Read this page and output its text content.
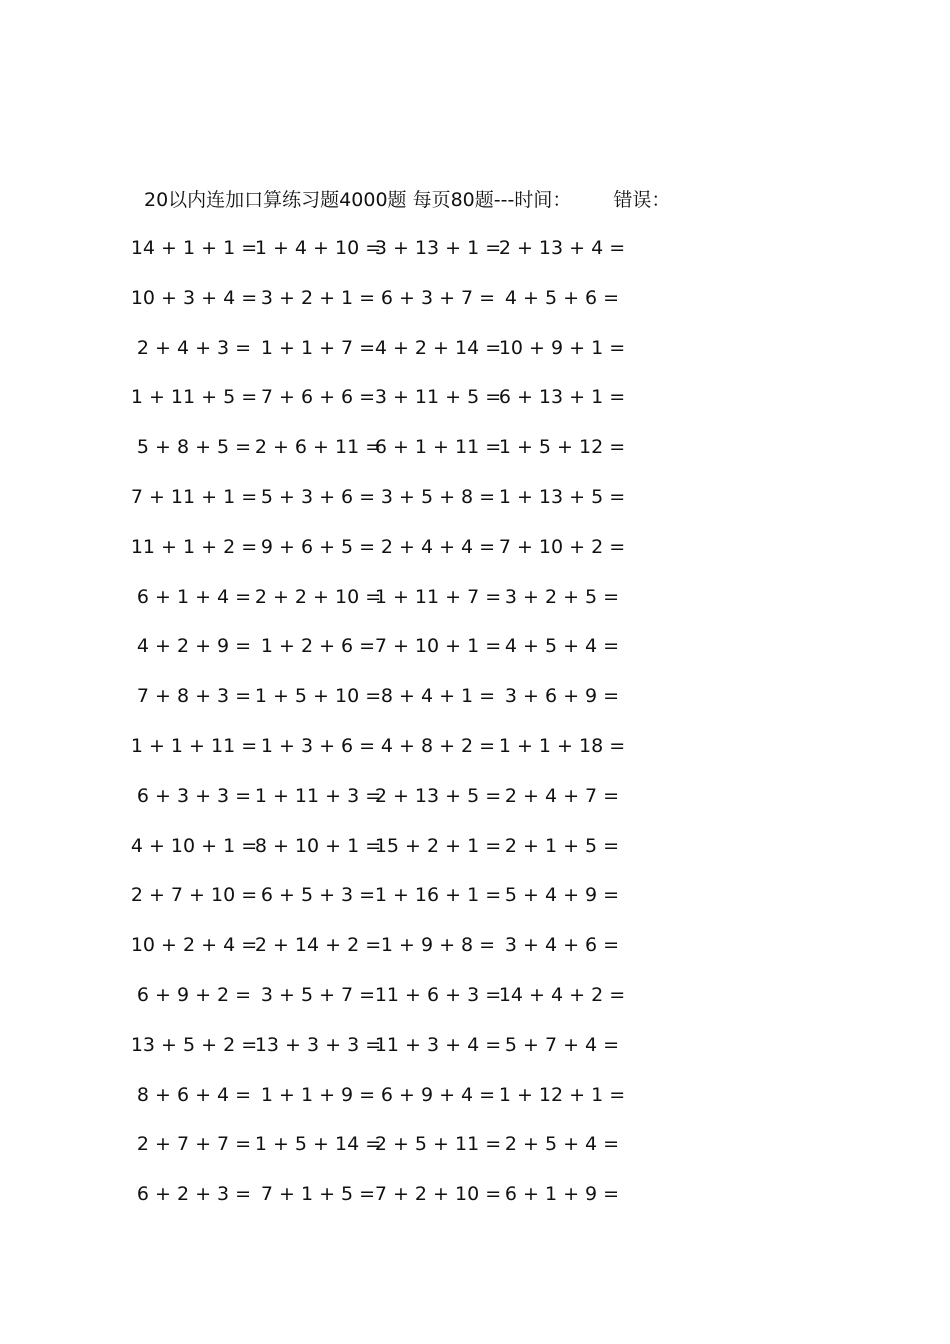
20以内连加口算练习题4000题 每页80题---时间： 错误：
14 + 1 + 1 =
1 + 4 + 10 =
3 + 13 + 1 =
2 + 13 + 4 =
10 + 3 + 4 = 3 + 2 + 1 = 6 + 3 + 7 = 4 + 5 + 6 =
2 + 4 + 3 = 1 + 1 + 7 = 4 + 2 + 14 =
10 + 9 + 1 =
1 + 11 + 5 = 7 + 6 + 6 = 3 + 11 + 5 =
6 + 13 + 1 =
5 + 8 + 5 = 2 + 6 + 11 =
6 + 1 + 11 =
1 + 5 + 12 =
7 + 11 + 1 = 5 + 3 + 6 = 3 + 5 + 8 = 1 + 13 + 5 =
11 + 1 + 2 = 9 + 6 + 5 = 2 + 4 + 4 = 7 + 10 + 2 =
6 + 1 + 4 = 2 + 2 + 10 =
1 + 11 + 7 = 3 + 2 + 5 =
4 + 2 + 9 = 1 + 2 + 6 = 7 + 10 + 1 = 4 + 5 + 4 =
7 + 8 + 3 = 1 + 5 + 10 = 8 + 4 + 1 = 3 + 6 + 9 =
1 + 1 + 11 = 1 + 3 + 6 = 4 + 8 + 2 = 1 + 1 + 18 =
6 + 3 + 3 = 1 + 11 + 3 =
2 + 13 + 5 = 2 + 4 + 7 =
4 + 10 + 1 =
8 + 10 + 1 =
15 + 2 + 1 = 2 + 1 + 5 =
2 + 7 + 10 = 6 + 5 + 3 = 1 + 16 + 1 = 5 + 4 + 9 =
10 + 2 + 4 =
2 + 14 + 2 = 1 + 9 + 8 = 3 + 4 + 6 =
6 + 9 + 2 = 3 + 5 + 7 = 11 + 6 + 3 =
14 + 4 + 2 =
13 + 5 + 2 =
13 + 3 + 3 =
11 + 3 + 4 = 5 + 7 + 4 =
8 + 6 + 4 = 1 + 1 + 9 = 6 + 9 + 4 = 1 + 12 + 1 =
2 + 7 + 7 = 1 + 5 + 14 =
2 + 5 + 11 = 2 + 5 + 4 =
6 + 2 + 3 = 7 + 1 + 5 = 7 + 2 + 10 = 6 + 1 + 9 =
